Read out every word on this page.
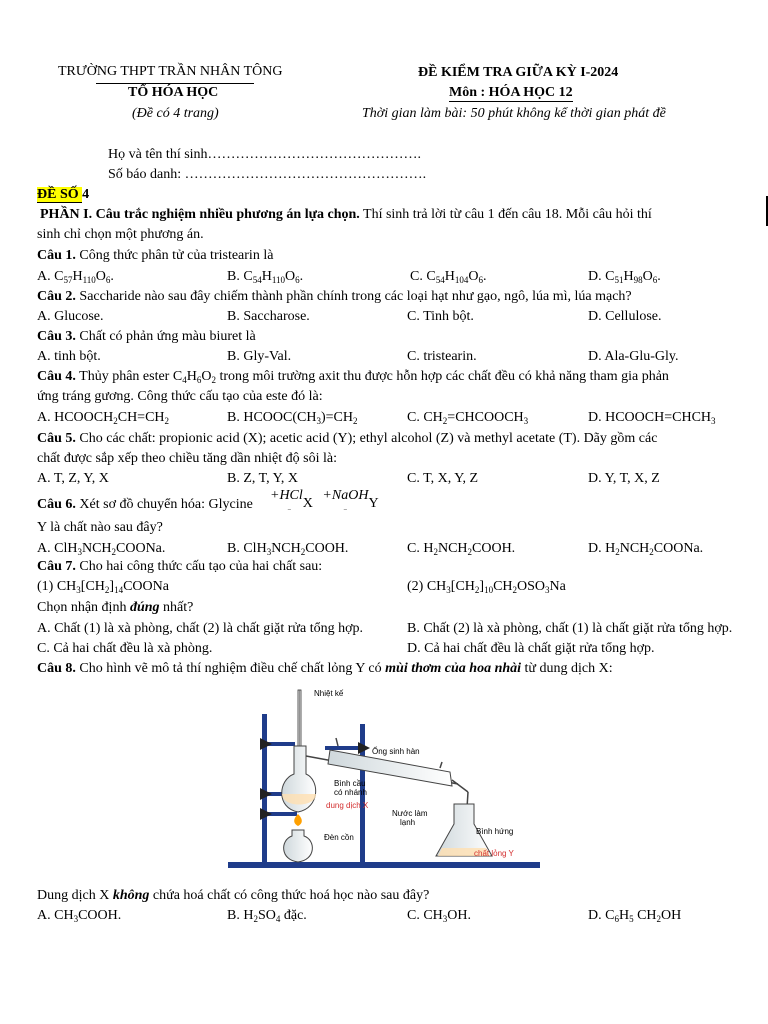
TRƯỜNG THPT TRẦN NHÂN TÔNG
TỔ HÓA HỌC
(Đề có 4 trang)
ĐỀ KIỂM TRA GIỮA KỲ I-2024
Môn : HÓA HỌC 12
Thời gian làm bài: 50 phút không kể thời gian phát đề
Họ và tên thí sinh……………………………………….
Số báo danh: …………………………………………….
ĐỀ SỐ 4
PHẦN I. Câu trắc nghiệm nhiều phương án lựa chọn. Thí sinh trả lời từ câu 1 đến câu 18. Mỗi câu hỏi thí
sinh chỉ chọn một phương án.
Câu 1. Công thức phân tử của tristearin là
A. $C_{57}H_{110}O_6$.	B. $C_{54}H_{110}O_6$.	C. $C_{54}H_{104}O_6$.	D. $C_{51}H_{98}O_6$.
Câu 2. Saccharide nào sau đây chiếm thành phần chính trong các loại hạt như gạo, ngô, lúa mì, lúa mạch?
A. Glucose.	B. Saccharose.	C. Tinh bột.	D. Cellulose.
Câu 3. Chất có phản ứng màu biuret là
A. tinh bột.	B. Gly-Val.	C. tristearin.	D. Ala-Glu-Gly.
Câu 4. Thủy phân ester $C_4H_6O_2$ trong môi trường axit thu được hỗn hợp các chất đều có khả năng tham gia phản
ứng tráng gương. Công thức cấu tạo của este đó là:
A. $HCOOCH_2CH=CH_2$	B. $HCOOC(CH_3)=CH_2$	C. $CH_2=CHCOOCH_3$	D. $HCOOCH=CHCH_3$
Câu 5. Cho các chất: propionic acid (X); acetic acid (Y); ethyl alcohol (Z) và methyl acetate (T). Dãy gồm các
chất được sắp xếp theo chiều tăng dần nhiệt độ sôi là:
A. T, Z, Y, X	B. Z, T, Y, X	C. T, X, Y, Z	D. Y, T, X, Z
Câu 6. Xét sơ đồ chuyển hóa: Glycine
+HCl
X
+NaOH
Y
‾	‾
Y là chất nào sau đây?
A. $ClH_3NCH_2COONa$.	B. $ClH_3NCH_2COOH$.	C. $H_2NCH_2COOH$.	D. $H_2NCH_2COONa$.
Câu 7. Cho hai công thức cấu tạo của hai chất sau:
(1) $CH_3[CH_2]_{14}COONa$	(2) $CH_3[CH_2]_{10}CH_2OSO_3Na$
Chọn nhận định đúng nhất?
A. Chất (1) là xà phòng, chất (2) là chất giặt rửa tổng hợp.	B. Chất (2) là xà phòng, chất (1) là chất giặt rửa tổng hợp.
C. Cả hai chất đều là xà phòng.	D. Cả hai chất đều là chất giặt rửa tổng hợp.
Câu 8. Cho hình vẽ mô tả thí nghiệm điều chế chất lỏng Y có mùi thơm của hoa nhài từ dung dịch X:
Nhiệt kế
Ống sinh hàn
Bình cầu
có nhánh
dung dịch X
Nước làm
lạnh
Đèn cồn
Bình hứng
chất lỏng Y
Dung dịch X không chứa hoá chất có công thức hoá học nào sau đây?
A. $CH_3COOH$.	B. $H_2SO_4$ đặc.	C. $CH_3OH$.	D. $C_6H_5$ $CH_2OH$
